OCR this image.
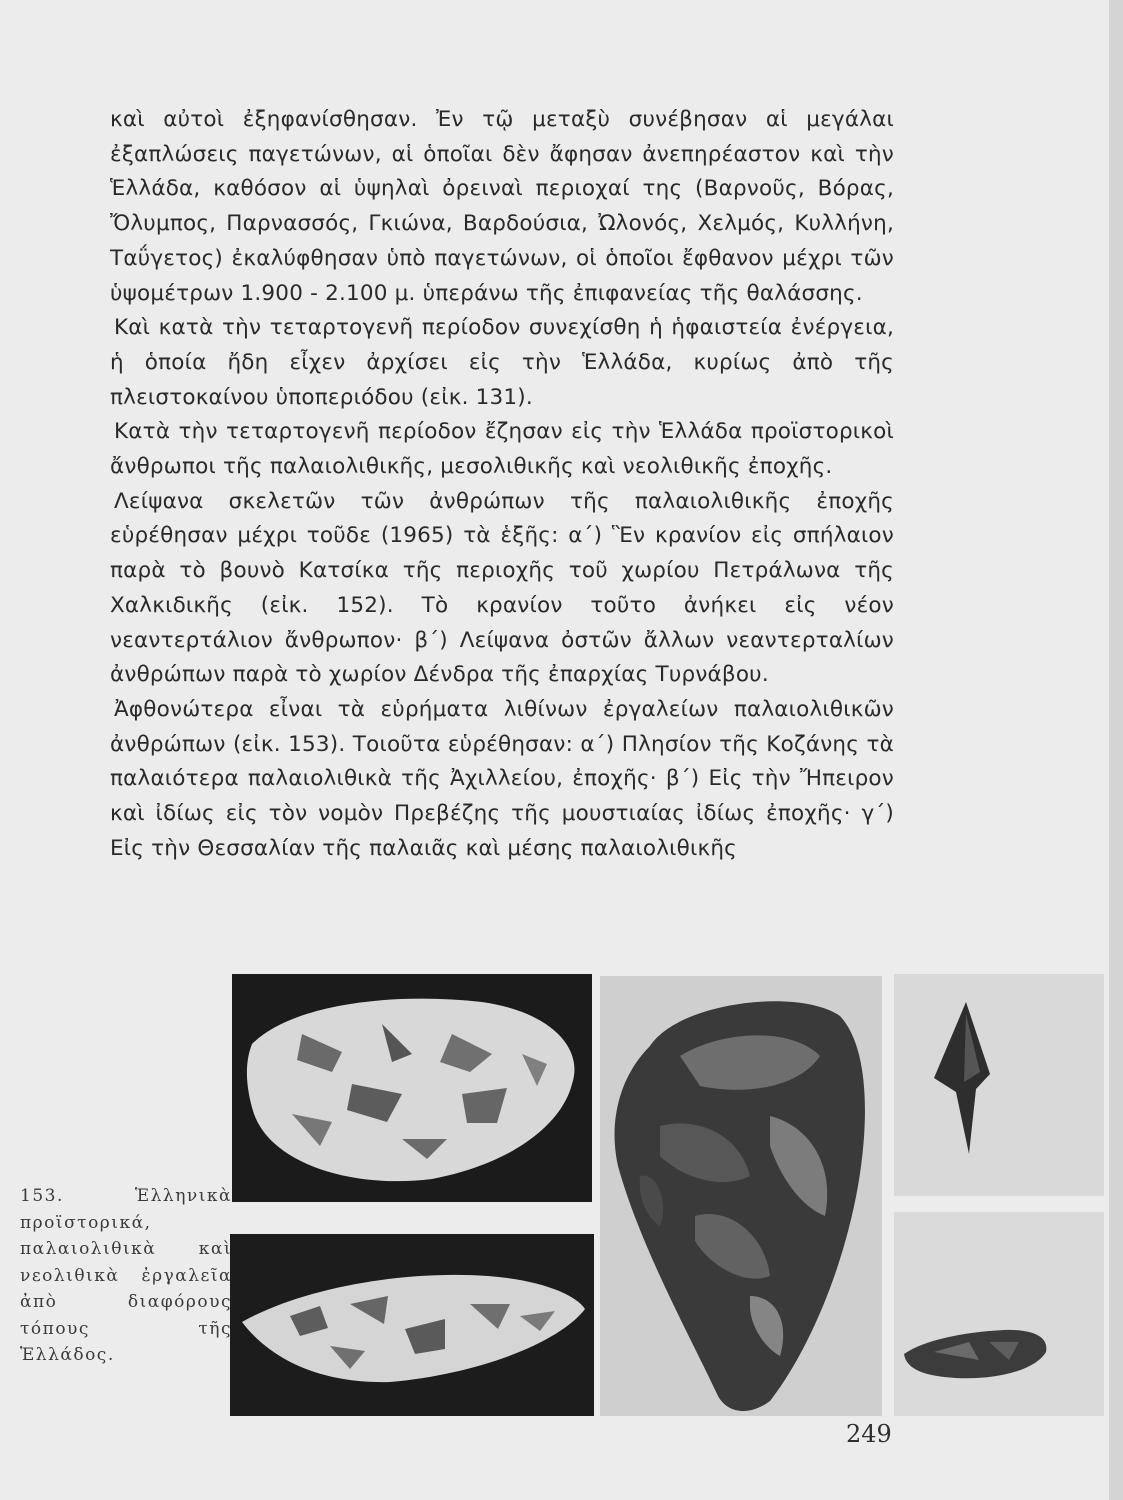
καὶ αὐτοὶ ἐξηφανίσθησαν. Ἐν τῷ μεταξὺ συνέβησαν αἱ μεγάλαι ἐξαπλώσεις παγετώνων, αἱ ὁποῖαι δὲν ἄφησαν ἀνεπηρέαστον καὶ τὴν Ἑλλάδα, καθόσον αἱ ὑψηλαὶ ὀρειναὶ περιοχαί της (Βαρνοῦς, Βόρας, Ὄλυμπος, Παρνασσός, Γκιώνα, Βαρδούσια, Ὠλονός, Χελμός, Κυλλήνη, Ταΰγετος) ἐκαλύφθησαν ὑπὸ παγετώνων, οἱ ὁποῖοι ἔφθανον μέχρι τῶν ὑψομέτρων 1.900 - 2.100 μ. ὑπεράνω τῆς ἐπιφανείας τῆς θαλάσσης.

Καὶ κατὰ τὴν τεταρτογενῆ περίοδον συνεχίσθη ἡ ἡφαιστεία ἐνέργεια, ἡ ὁποία ἤδη εἶχεν ἀρχίσει εἰς τὴν Ἑλλάδα, κυρίως ἀπὸ τῆς πλειστοκαίνου ὑποπεριόδου (εἰκ. 131).

Κατὰ τὴν τεταρτογενῆ περίοδον ἔζησαν εἰς τὴν Ἑλλάδα προϊστορικοὶ ἄνθρωποι τῆς παλαιολιθικῆς, μεσολιθικῆς καὶ νεολιθικῆς ἐποχῆς.

Λείψανα σκελετῶν τῶν ἀνθρώπων τῆς παλαιολιθικῆς ἐποχῆς εὑρέθησαν μέχρι τοῦδε (1965) τὰ ἑξῆς: α΄) Ἓν κρανίον εἰς σπήλαιον παρὰ τὸ βουνὸ Κατσίκα τῆς περιοχῆς τοῦ χωρίου Πετράλωνα τῆς Χαλκιδικῆς (εἰκ. 152). Τὸ κρανίον τοῦτο ἀνήκει εἰς νέον νεαντερτάλιον ἄνθρωπον· β΄) Λείψανα ὀστῶν ἄλλων νεαντερταλίων ἀνθρώπων παρὰ τὸ χωρίον Δένδρα τῆς ἐπαρχίας Τυρνάβου.

Ἀφθονώτερα εἶναι τὰ εὑρήματα λιθίνων ἐργαλείων παλαιολιθικῶν ἀνθρώπων (εἰκ. 153). Τοιοῦτα εὑρέθησαν: α΄) Πλησίον τῆς Κοζάνης τὰ παλαιότερα παλαιολιθικὰ τῆς Ἀχιλλείου, ἐποχῆς· β΄) Εἰς τὴν Ἤπειρον καὶ ἰδίως εἰς τὸν νομὸν Πρεβέζης τῆς μουστιαίας ἰδίως ἐποχῆς· γ΄) Εἰς τὴν Θεσσαλίαν τῆς παλαιᾶς καὶ μέσης παλαιολιθικῆς

153. Ἑλληνικὰ προϊστορικά, παλαιολιθικὰ καὶ νεολιθικὰ ἐργαλεῖα ἀπὸ διαφόρους τόπους τῆς Ἑλλάδος.
249
